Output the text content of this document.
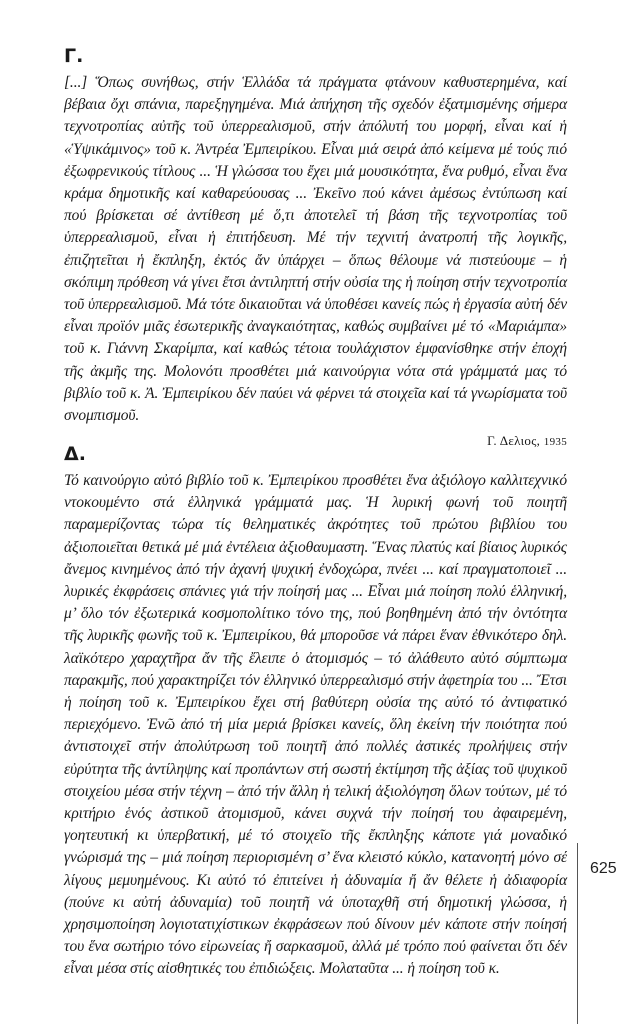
Γ.

[...] Ὅπως συνήθως, στήν Ἑλλάδα τά πράγματα φτάνουν καθυστερημένα, καί βέβαια ὄχι σπάνια, παρεξηγημένα. Μιά ἀπήχηση τῆς σχεδόν ἐξατμισμένης σήμερα τεχνοτροπίας αὐτῆς τοῦ ὑπερρεαλισμοῦ, στήν ἀπόλυτή του μορφή, εἶναι καί ἡ «Ὑψικάμινος» τοῦ κ. Ἀντρέα Ἐμπειρίκου. Εἶναι μιά σειρά ἀπό κείμενα μέ τούς πιό ἐξωφρενικούς τίτλους ... Ἡ γλώσσα του ἔχει μιά μουσικότητα, ἕνα ρυθμό, εἶναι ἕνα κράμα δημοτικῆς καί καθαρεύουσας ... Ἐκεῖνο πού κάνει ἀμέσως ἐντύπωση καί πού βρίσκεται σέ ἀντίθεση μέ ὅ,τι ἀποτελεῖ τή βάση τῆς τεχνοτροπίας τοῦ ὑπερρεαλισμοῦ, εἶναι ἡ ἐπιτήδευση. Μέ τήν τεχνιτή ἀνατροπή τῆς λογικῆς, ἐπιζητεῖται ἡ ἔκπληξη, ἐκτός ἄν ὑπάρχει – ὅπως θέλουμε νά πιστεύουμε – ἡ σκόπιμη πρόθεση νά γίνει ἔτσι ἀντιληπτή στήν οὐσία της ἡ ποίηση στήν τεχνοτροπία τοῦ ὑπερρεαλισμοῦ. Μά τότε δικαιοῦται νά ὑποθέσει κανείς πώς ἡ ἐργασία αὐτή δέν εἶναι προϊόν μιᾶς ἐσωτερικῆς ἀναγκαιότητας, καθώς συμβαίνει μέ τό «Μαριάμπα» τοῦ κ. Γιάννη Σκαρίμπα, καί καθώς τέτοια τουλάχιστον ἐμφανίσθηκε στήν ἐποχή τῆς ἀκμῆς της. Μολονότι προσθέτει μιά καινούργια νότα στά γράμματά μας τό βιβλίο τοῦ κ. Ἀ. Ἐμπειρίκου δέν παύει νά φέρνει τά στοιχεῖα καί τά γνωρίσματα τοῦ σνομπισμοῦ.

Γ. Δελιος, 1935
Δ.

Τό καινούργιο αὐτό βιβλίο τοῦ κ. Ἐμπειρίκου προσθέτει ἕνα ἀξιόλογο καλλιτεχνικό ντοκουμέντο στά ἑλληνικά γράμματά μας. Ἡ λυρική φωνή τοῦ ποιητῆ παραμερίζοντας τώρα τίς θεληματικές ἀκρότητες τοῦ πρώτου βιβλίου του ἀξιοποιεῖται θετικά μέ μιά ἐντέλεια ἀξιοθαυμαστη. Ἕνας πλατύς καί βίαιος λυρικός ἄνεμος κινημένος ἀπό τήν ἀχανή ψυχική ἐνδοχώρα, πνέει ... καί πραγματοποιεῖ ... λυρικές ἐκφράσεις σπάνιες γιά τήν ποίησή μας ... Εἶναι μιά ποίηση πολύ ἑλληνική, μ’ ὅλο τόν ἐξωτερικά κοσμοπολίτικο τόνο της, πού βοηθημένη ἀπό τήν ὀντότητα τῆς λυρικῆς φωνῆς τοῦ κ. Ἐμπειρίκου, θά μποροῦσε νά πάρει ἕναν ἐθνικότερο δηλ. λαϊκότερο χαραχτῆρα ἄν τῆς ἔλειπε ὁ ἀτομισμός – τό ἀλάθευτο αὐτό σύμπτωμα παρακμῆς, πού χαρακτηρίζει τόν ἑλληνικό ὑπερρεαλισμό στήν ἀφετηρία του ... Ἔτσι ἡ ποίηση τοῦ κ. Ἐμπειρίκου ἔχει στή βαθύτερη οὐσία της αὐτό τό ἀντιφατικό περιεχόμενο. Ἐνῶ ἀπό τή μία μεριά βρίσκει κανείς, ὅλη ἐκείνη τήν ποιότητα πού ἀντιστοιχεῖ στήν ἀπολύτρωση τοῦ ποιητῆ ἀπό πολλές ἀστικές προλήψεις στήν εὐρύτητα τῆς ἀντίληψης καί προπάντων στή σωστή ἐκτίμηση τῆς ἀξίας τοῦ ψυχικοῦ στοιχείου μέσα στήν τέχνη – ἀπό τήν ἄλλη ἡ τελική ἀξιολόγηση ὅλων τούτων, μέ τό κριτήριο ἑνός ἀστικοῦ ἀτομισμοῦ, κάνει συχνά τήν ποίησή του ἀφαιρεμένη, γοητευτική κι ὑπερβατική, μέ τό στοιχεῖο τῆς ἔκπληξης κάποτε γιά μοναδικό γνώρισμά της – μιά ποίηση περιορισμένη σ’ ἕνα κλειστό κύκλο, κατανοητή μόνο σέ λίγους μεμυημένους. Κι αὐτό τό ἐπιτείνει ἡ ἀδυναμία ἤ ἄν θέλετε ἡ ἀδιαφορία (πούνε κι αὐτή ἀδυναμία) τοῦ ποιητῆ νά ὑποταχθῆ στή δημοτική γλώσσα, ἡ χρησιμοποίηση λογιοτατιχίστικων ἐκφράσεων πού δίνουν μέν κάποτε στήν ποίησή του ἕνα σωτήριο τόνο εἰρωνείας ἤ σαρκασμοῦ, ἀλλά μέ τρόπο πού φαίνεται ὅτι δέν εἶναι μέσα στίς αἰσθητικές του ἐπιδιώξεις. Μολαταῦτα ... ἡ ποίηση τοῦ κ.

625
